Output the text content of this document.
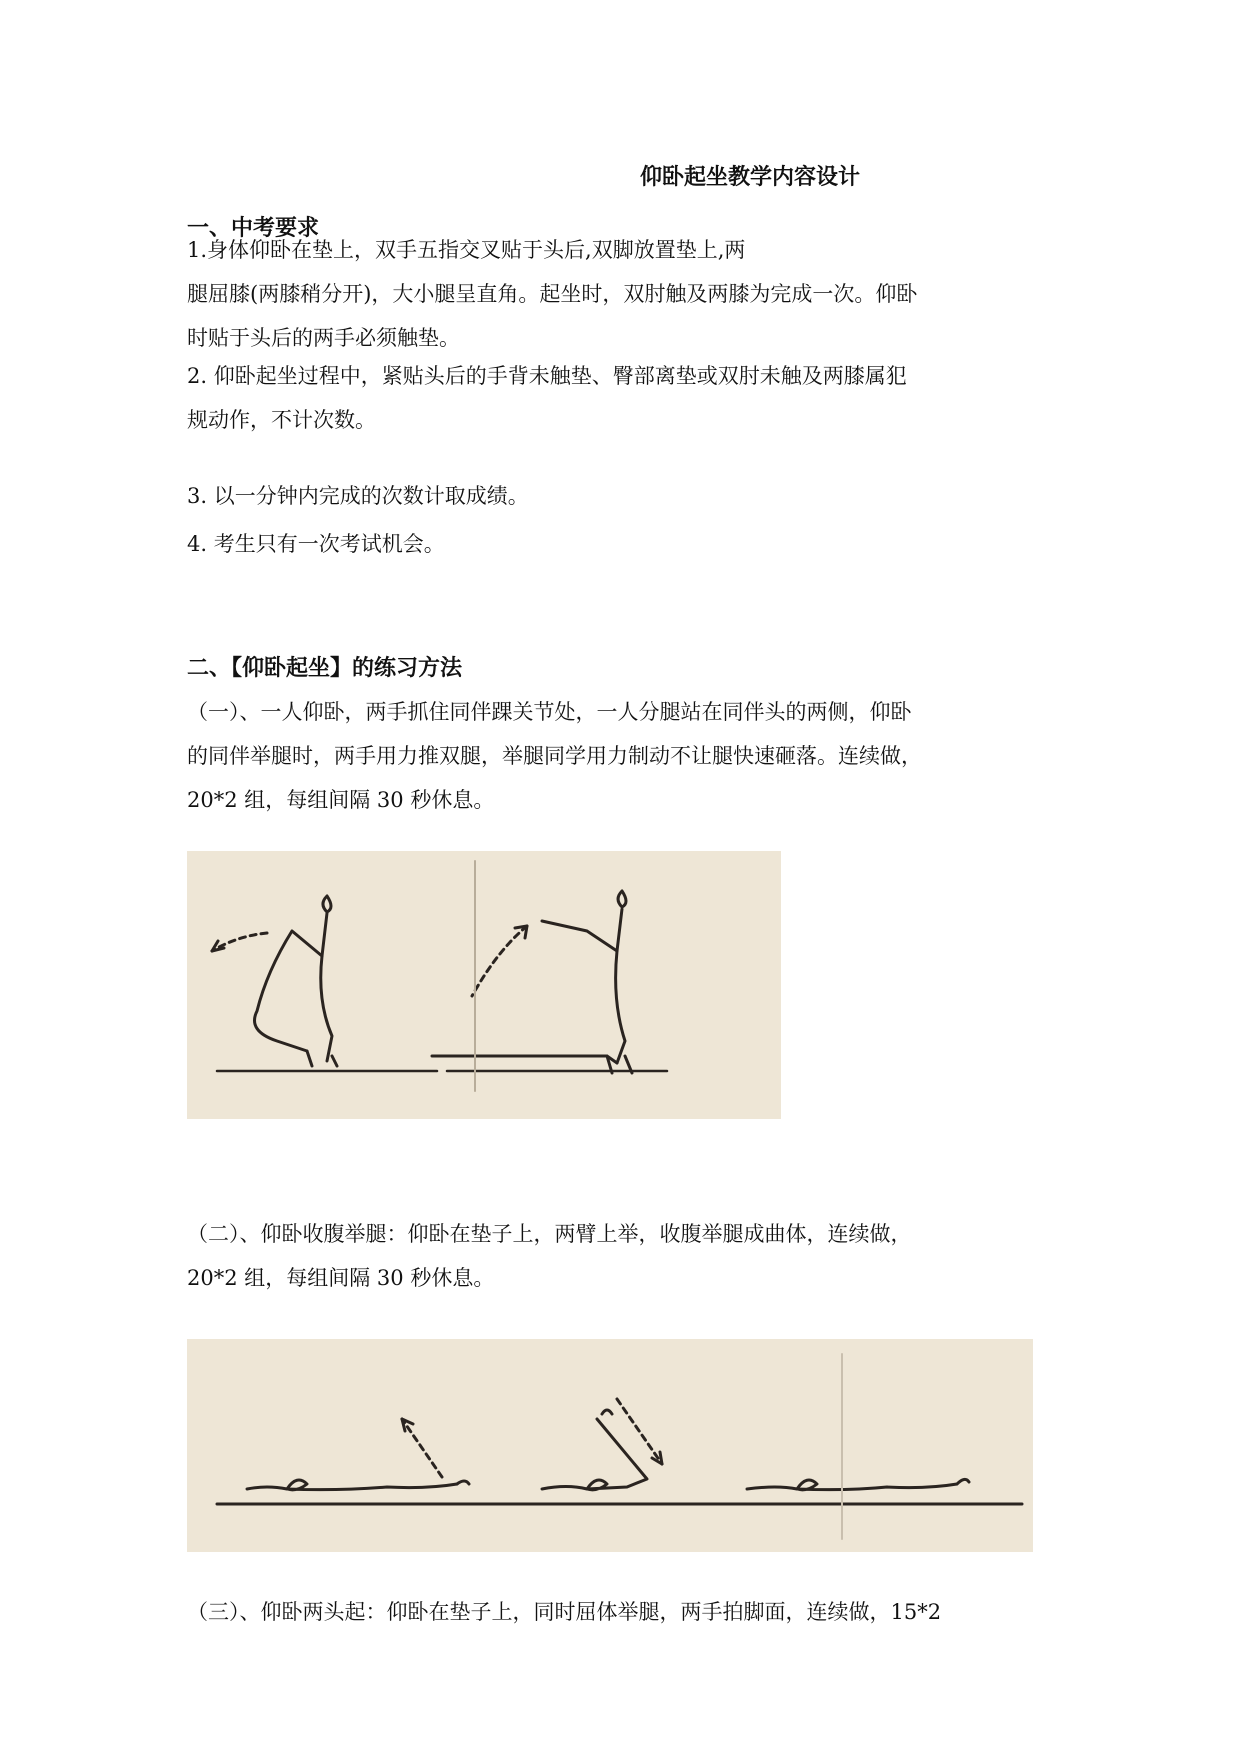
仰卧起坐教学内容设计
一、中考要求
1.身体仰卧在垫上，双手五指交叉贴于头后,双脚放置垫上,两
腿屈膝(两膝稍分开)，大小腿呈直角。起坐时，双肘触及两膝为完成一次。仰卧
时贴于头后的两手必须触垫。
2. 仰卧起坐过程中，紧贴头后的手背未触垫、臀部离垫或双肘未触及两膝属犯
规动作，不计次数。
3. 以一分钟内完成的次数计取成绩。
4. 考生只有一次考试机会。
二、【仰卧起坐】的练习方法
（一）、一人仰卧，两手抓住同伴踝关节处，一人分腿站在同伴头的两侧，仰卧
的同伴举腿时，两手用力推双腿，举腿同学用力制动不让腿快速砸落。连续做，
20*2 组，每组间隔 30 秒休息。
（二）、仰卧收腹举腿：仰卧在垫子上，两臂上举，收腹举腿成曲体，连续做，
20*2 组，每组间隔 30 秒休息。
（三）、仰卧两头起：仰卧在垫子上，同时屈体举腿，两手拍脚面，连续做，15*2
